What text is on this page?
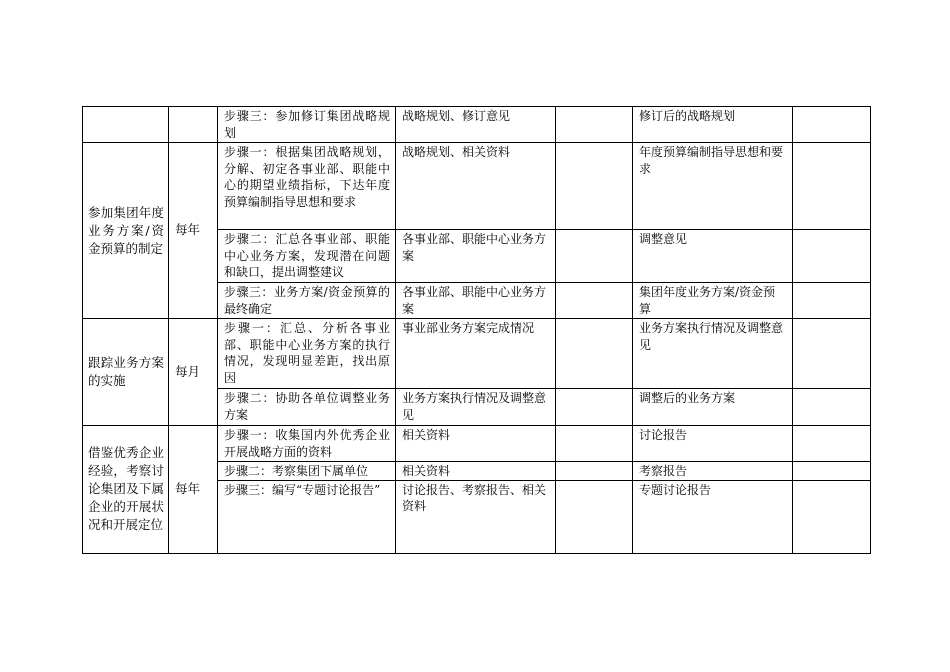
		步骤三：参加修订集团战略规划	战略规划、修订意见		修订后的战略规划	
参加集团年度业务方案/资金预算的制定	每年	步骤一：根据集团战略规划，分解、初定各事业部、职能中心的期望业绩指标，下达年度预算编制指导思想和要求	战略规划、相关资料		年度预算编制指导思想和要求	
		步骤二：汇总各事业部、职能中心业务方案，发现潜在问题和缺口，提出调整建议	各事业部、职能中心业务方案		调整意见	
		步骤三：业务方案/资金预算的最终确定	各事业部、职能中心业务方案		集团年度业务方案/资金预算	
跟踪业务方案的实施	每月	步骤一：汇总、分析各事业部、职能中心业务方案的执行情况，发现明显差距，找出原因	事业部业务方案完成情况		业务方案执行情况及调整意见	
		步骤二：协助各单位调整业务方案	业务方案执行情况及调整意见		调整后的业务方案	
借鉴优秀企业经验，考察讨论集团及下属企业的开展状况和开展定位	每年	步骤一：收集国内外优秀企业开展战略方面的资料	相关资料		讨论报告	
		步骤二：考察集团下属单位	相关资料		考察报告	
		步骤三：编写“专题讨论报告”	讨论报告、考察报告、相关资料		专题讨论报告	
